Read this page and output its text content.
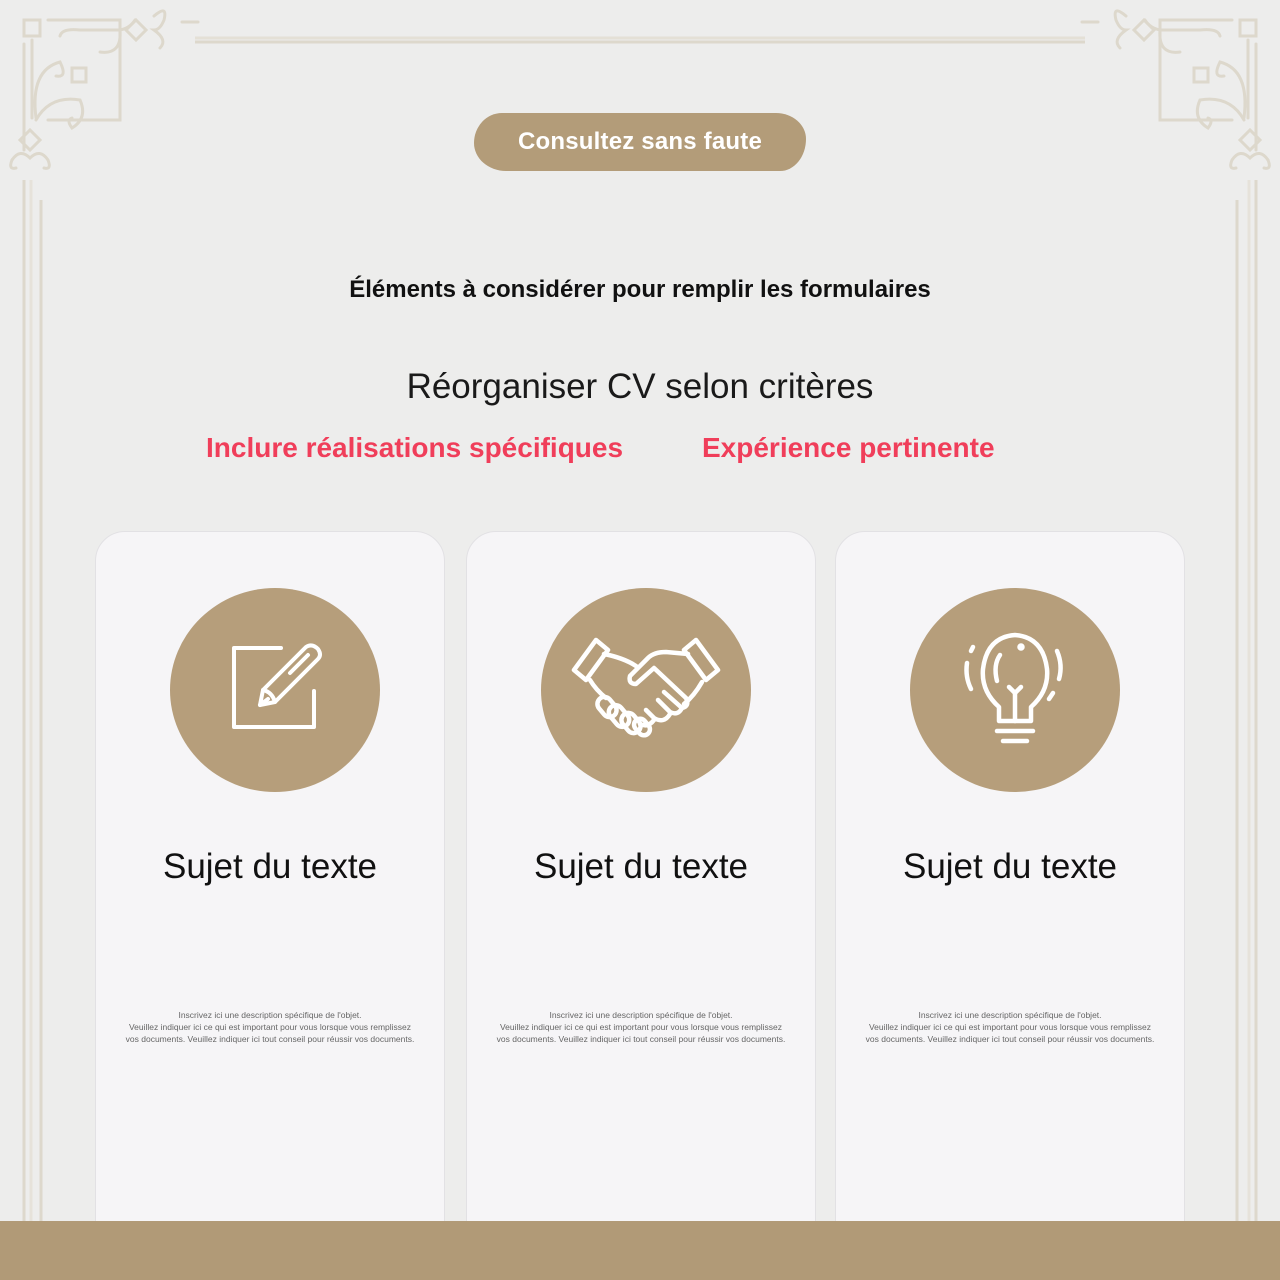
Consultez sans faute
Éléments à considérer pour remplir les formulaires
Réorganiser CV selon critères
Inclure réalisations spécifiques	Expérience pertinente
Sujet du texte
Inscrivez ici une description spécifique de l'objet.
Veuillez indiquer ici ce qui est important pour vous lorsque vous remplissez
vos documents. Veuillez indiquer ici tout conseil pour réussir vos documents.
Sujet du texte
Inscrivez ici une description spécifique de l'objet.
Veuillez indiquer ici ce qui est important pour vous lorsque vous remplissez
vos documents. Veuillez indiquer ici tout conseil pour réussir vos documents.
Sujet du texte
Inscrivez ici une description spécifique de l'objet.
Veuillez indiquer ici ce qui est important pour vous lorsque vous remplissez
vos documents. Veuillez indiquer ici tout conseil pour réussir vos documents.
